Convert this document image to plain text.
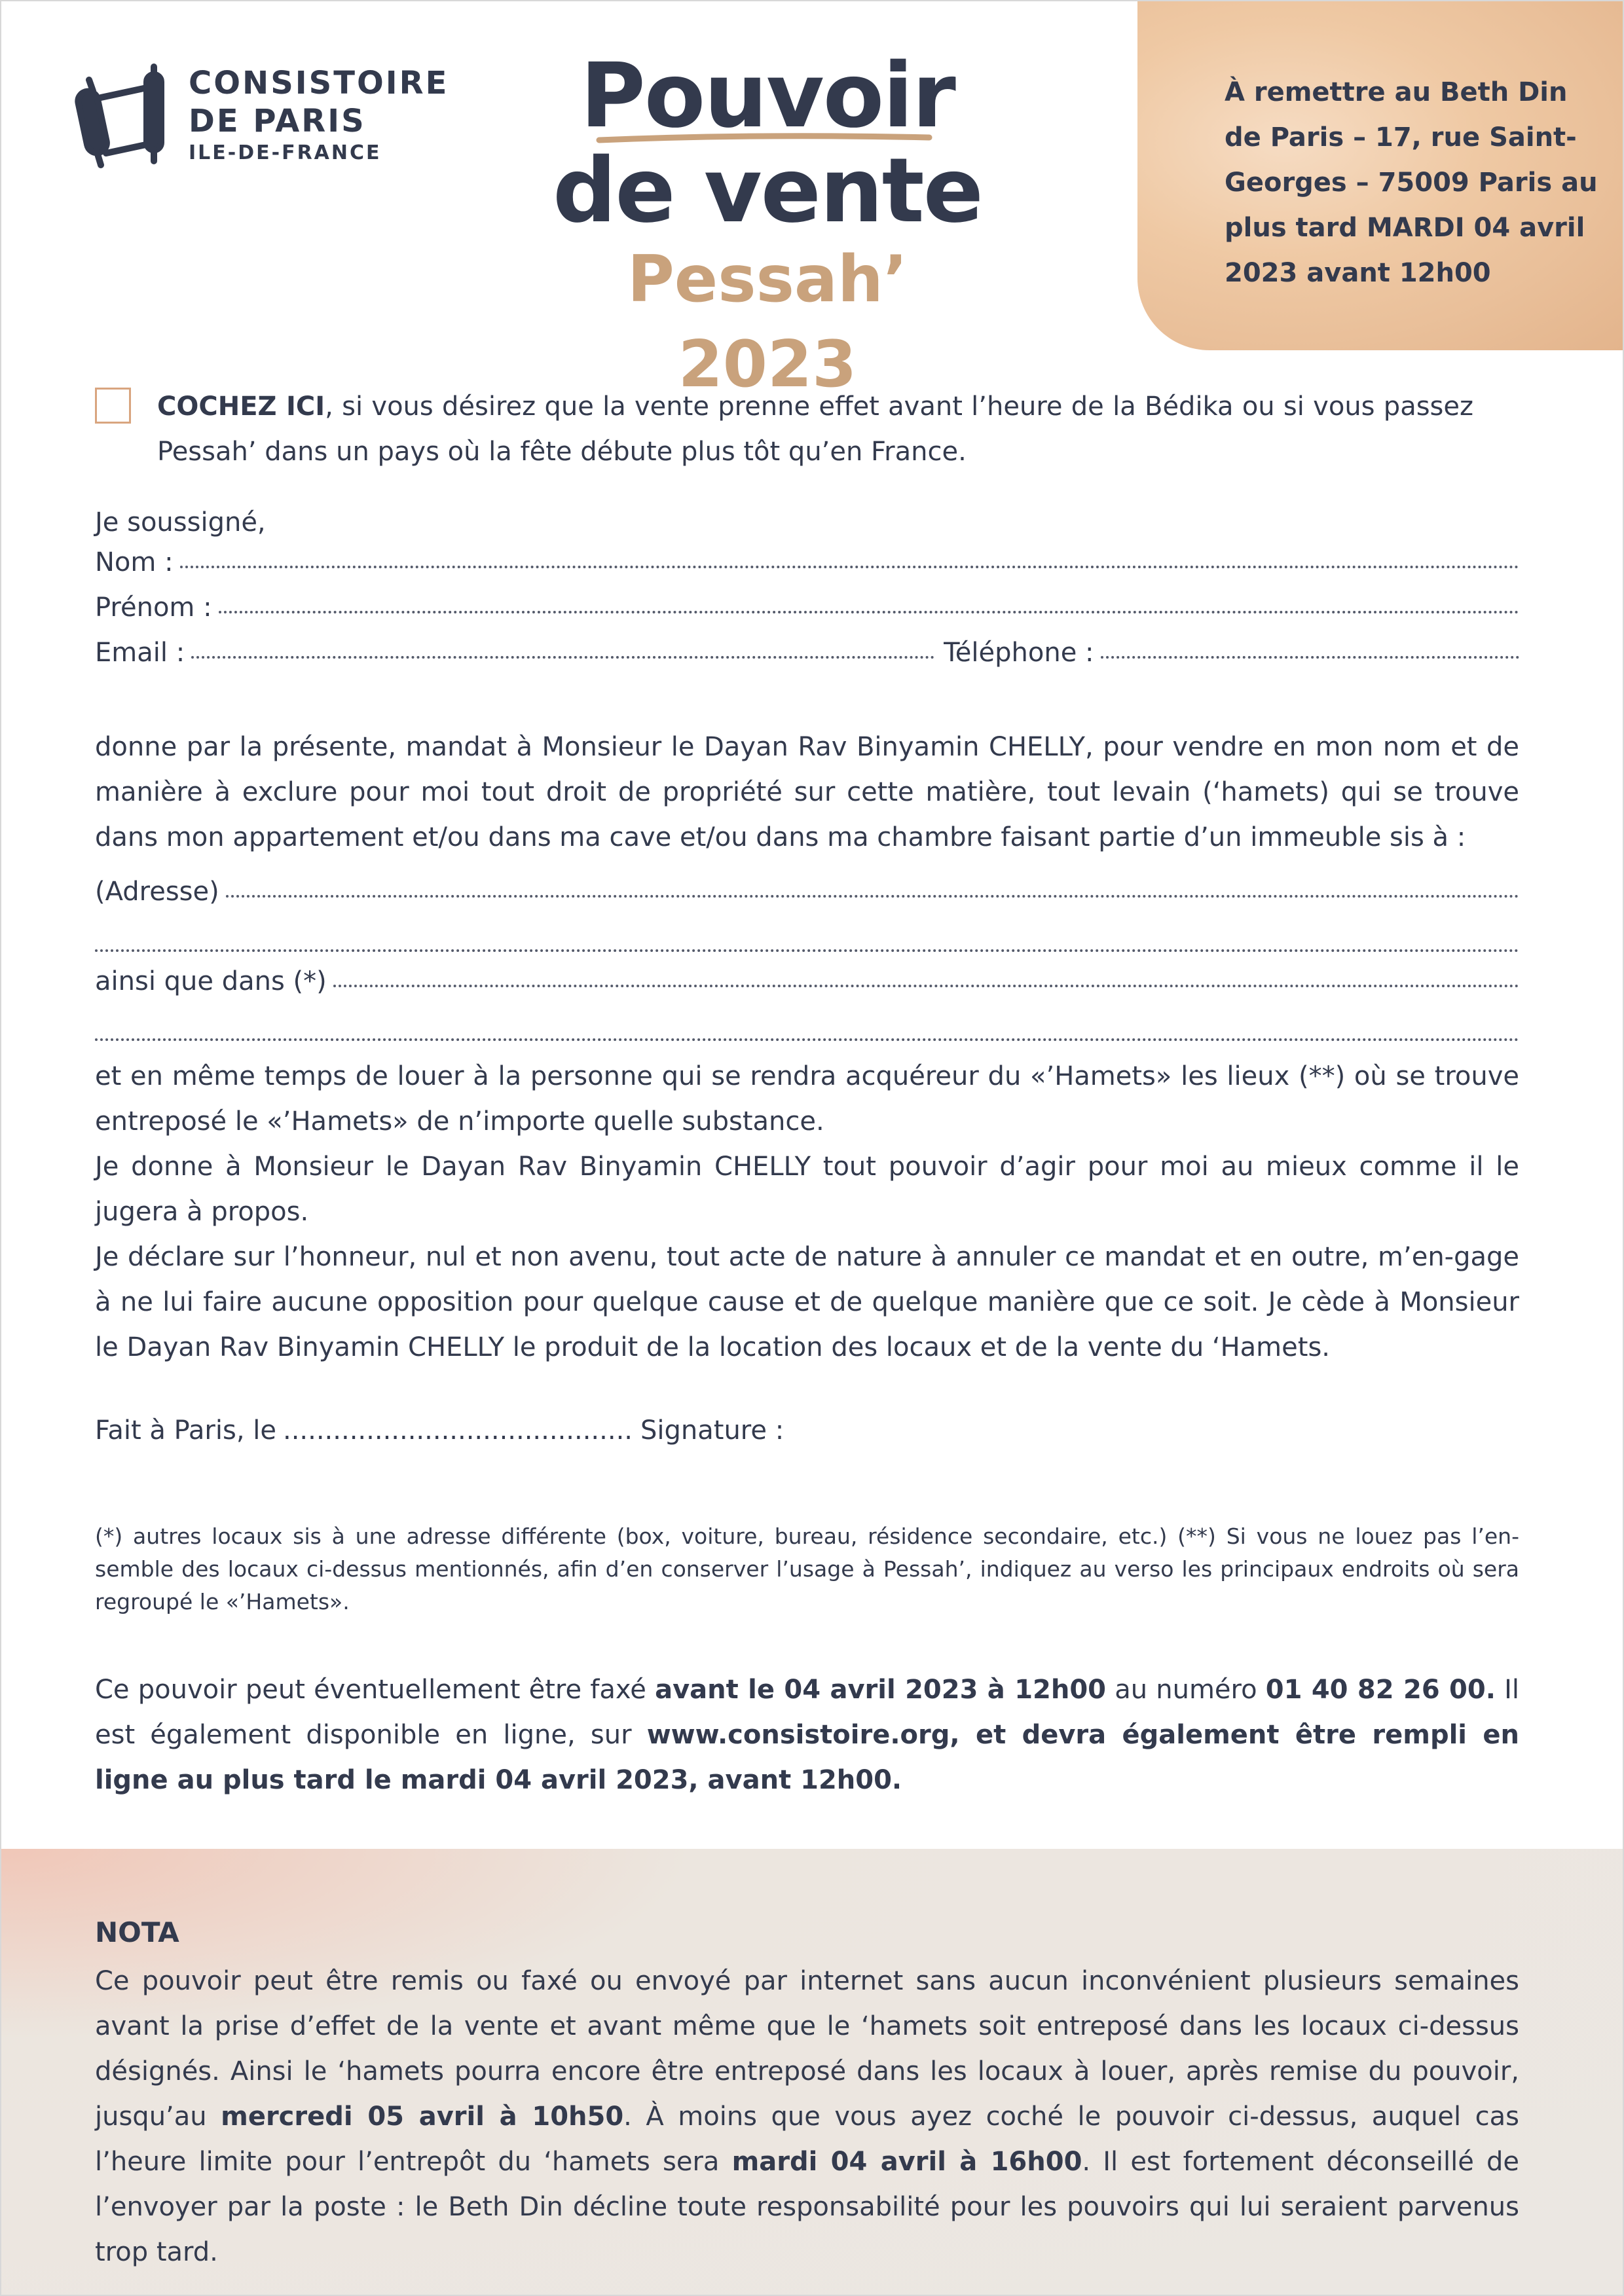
CONSISTOIRE
DE PARIS
ILE-DE-FRANCE
Pouvoir
de vente
Pessah’ 2023
À remettre au Beth Din de Paris – 17, rue Saint-Georges – 75009 Paris au plus tard MARDI 04 avril 2023 avant 12h00
COCHEZ ICI, si vous désirez que la vente prenne effet avant l’heure de la Bédika ou si vous passez Pessah’ dans un pays où la fête débute plus tôt qu’en France.
Je soussigné,
Nom :
Prénom :
Email :	Téléphone :
donne par la présente, mandat à Monsieur le Dayan Rav Binyamin CHELLY, pour vendre en mon nom et de manière à exclure pour moi tout droit de propriété sur cette matière, tout levain (‘hamets) qui se trouve dans mon appartement et/ou dans ma cave et/ou dans ma chambre faisant partie d’un immeuble sis à :
(Adresse)
ainsi que dans (*)
et en même temps de louer à la personne qui se rendra acquéreur du «’Hamets» les lieux (**) où se trouve entreposé le «’Hamets» de n’importe quelle substance.
Je donne à Monsieur le Dayan Rav Binyamin CHELLY tout pouvoir d’agir pour moi au mieux comme il le jugera à propos.
Je déclare sur l’honneur, nul et non avenu, tout acte de nature à annuler ce mandat et en outre, m’en-gage à ne lui faire aucune opposition pour quelque cause et de quelque manière que ce soit. Je cède à Monsieur le Dayan Rav Binyamin CHELLY le produit de la location des locaux et de la vente du ‘Hamets.
Fait à Paris, le .......................................... Signature :
(*) autres locaux sis à une adresse différente (box, voiture, bureau, résidence secondaire, etc.) (**) Si vous ne louez pas l’en-semble des locaux ci-dessus mentionnés, afin d’en conserver l’usage à Pessah’, indiquez au verso les principaux endroits où sera regroupé le «’Hamets».
Ce pouvoir peut éventuellement être faxé avant le 04 avril 2023 à 12h00 au numéro 01 40 82 26 00. Il est également disponible en ligne, sur www.consistoire.org, et devra également être rempli en ligne au plus tard le mardi 04 avril 2023, avant 12h00.
NOTA
Ce pouvoir peut être remis ou faxé ou envoyé par internet sans aucun inconvénient plusieurs semaines avant la prise d’effet de la vente et avant même que le ‘hamets soit entreposé dans les locaux ci-dessus désignés. Ainsi le ‘hamets pourra encore être entreposé dans les locaux à louer, après remise du pouvoir, jusqu’au mercredi 05 avril à 10h50. À moins que vous ayez coché le pouvoir ci-dessus, auquel cas l’heure limite pour l’entrepôt du ‘hamets sera mardi 04 avril à 16h00. Il est fortement déconseillé de l’envoyer par la poste : le Beth Din décline toute responsabilité pour les pouvoirs qui lui seraient parvenus trop tard.
